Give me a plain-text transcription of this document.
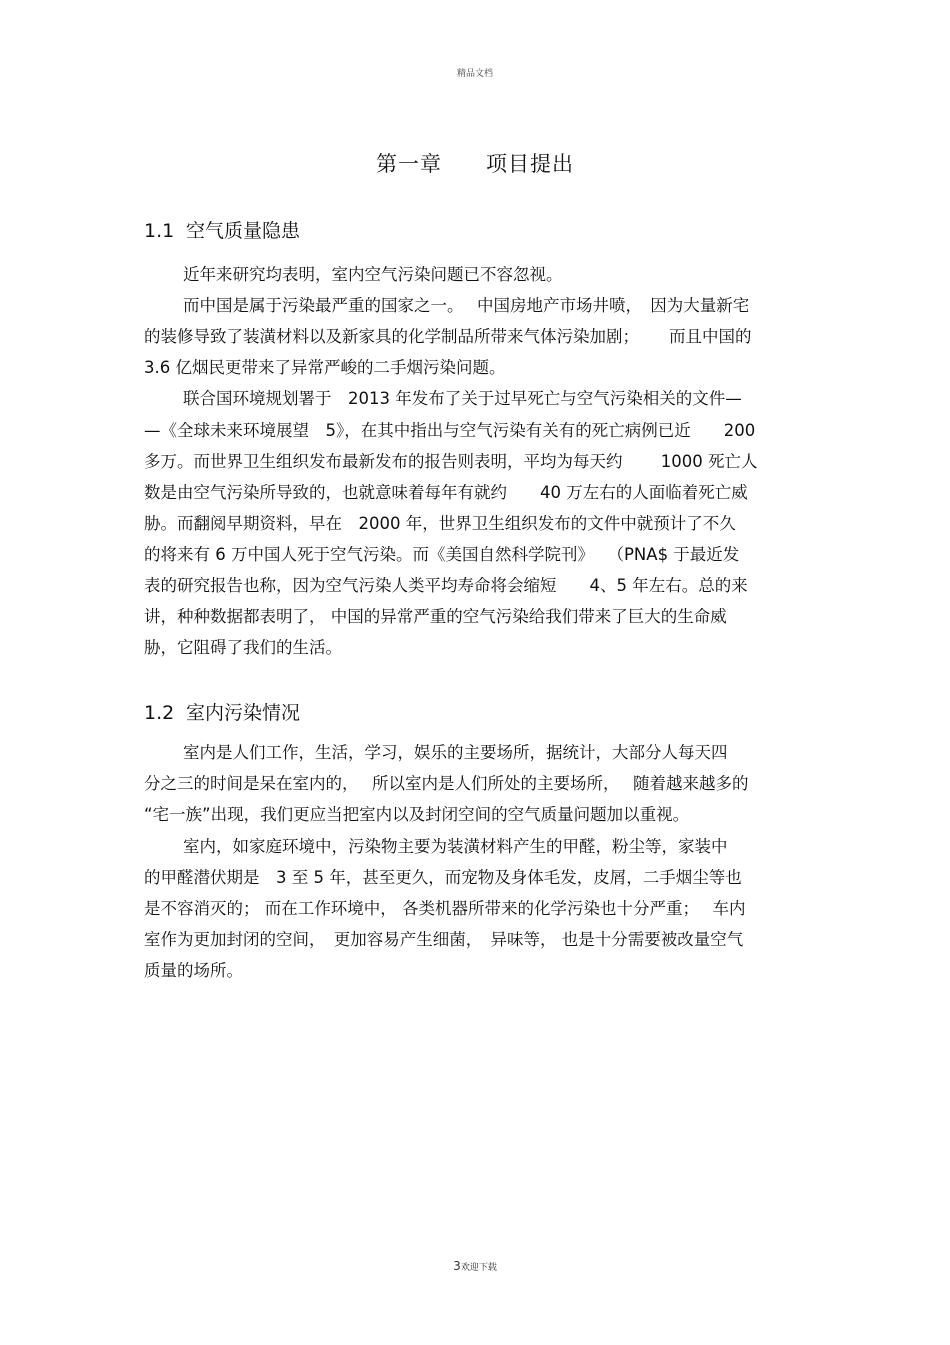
精品文档
第一章 项目提出
1.1 空气质量隐患
近年来研究均表明，室内空气污染问题已不容忽视。
而中国是属于污染最严重的国家之一。　 中国房地产市场井喷，　因为大量新宅
的装修导致了装潢材料以及新家具的化学制品所带来气体污染加剧；　　 而且中国的
3.6 亿烟民更带来了异常严峻的二手烟污染问题。
联合国环境规划署于　2013 年发布了关于过早死亡与空气污染相关的文件—
—《全球未来环境展望　5》，在其中指出与空气污染有关有的死亡病例已近　　200
多万。而世界卫生组织发布最新发布的报告则表明，平均为每天约　　 1000 死亡人
数是由空气污染所导致的，也就意味着每年有就约　　40 万左右的人面临着死亡威
胁。而翻阅早期资料，早在　2000 年，世界卫生组织发布的文件中就预计了不久
的将来有 6 万中国人死于空气污染。而《美国自然科学院刊》　 （PNA$ 于最近发
表的研究报告也称，因为空气污染人类平均寿命将会缩短　　4、5 年左右。总的来
讲，种种数据都表明了， 中国的异常严重的空气污染给我们带来了巨大的生命威
胁，它阻碍了我们的生活。
1.2 室内污染情况
室内是人们工作，生活，学习，娱乐的主要场所，据统计，大部分人每天四
分之三的时间是呆在室内的，　 所以室内是人们所处的主要场所，　 随着越来越多的
“宅一族”出现，我们更应当把室内以及封闭空间的空气质量问题加以重视。
室内，如家庭环境中，污染物主要为装潢材料产生的甲醛，粉尘等，家装中
的甲醛潜伏期是　3 至 5 年，甚至更久，而宠物及身体毛发，皮屑，二手烟尘等也
是不容消灭的； 而在工作环境中， 各类机器所带来的化学污染也十分严重；　 车内
室作为更加封闭的空间，　更加容易产生细菌，　异味等， 也是十分需要被改量空气
质量的场所。
3欢迎下载
